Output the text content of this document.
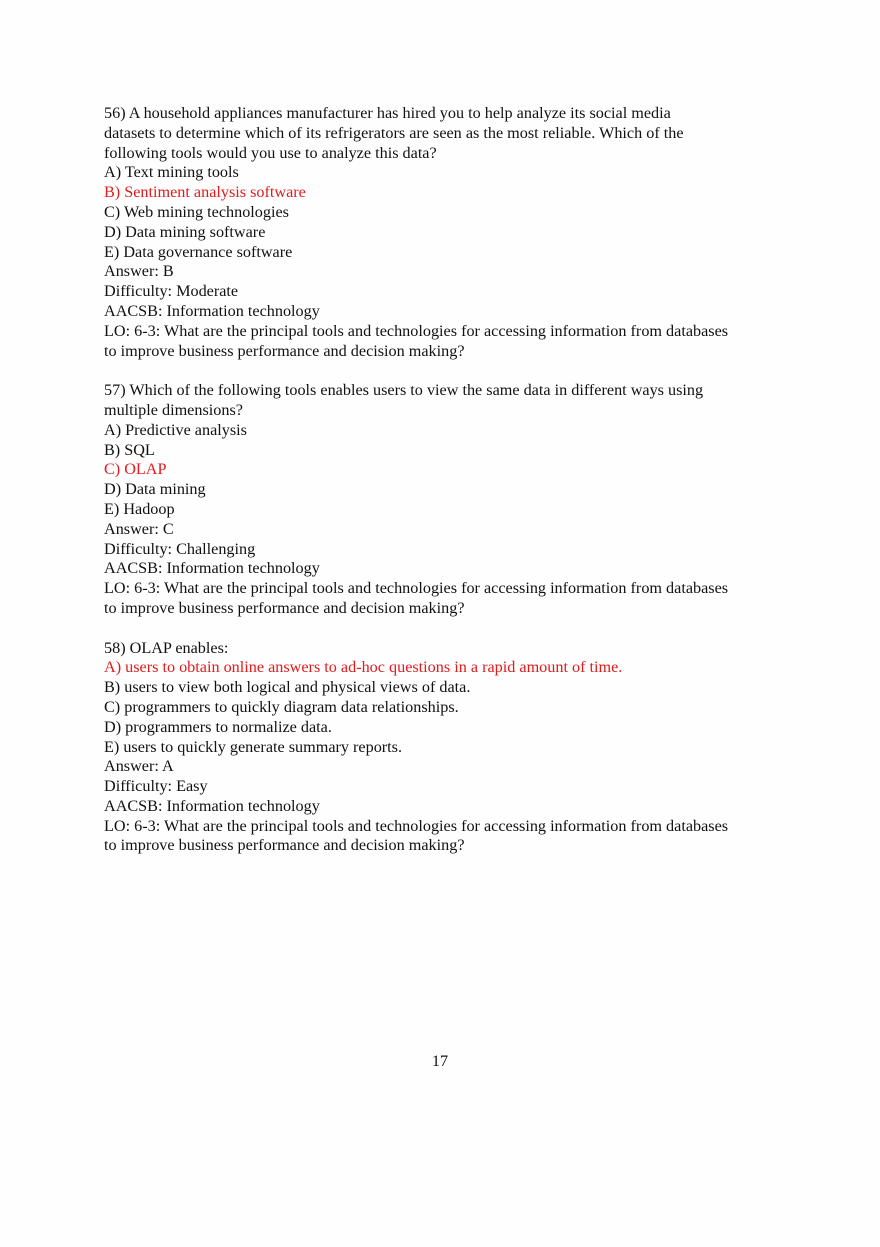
56) A household appliances manufacturer has hired you to help analyze its social media

datasets to determine which of its refrigerators are seen as the most reliable. Which of the

following tools would you use to analyze this data?

A) Text mining tools

B) Sentiment analysis software

C) Web mining technologies

D) Data mining software

E) Data governance software

Answer: B

Difficulty: Moderate

AACSB: Information technology

LO: 6-3: What are the principal tools and technologies for accessing information from databases

to improve business performance and decision making?

57) Which of the following tools enables users to view the same data in different ways using

multiple dimensions?

A) Predictive analysis

B) SQL

C) OLAP

D) Data mining

E) Hadoop

Answer: C

Difficulty: Challenging

AACSB: Information technology

LO: 6-3: What are the principal tools and technologies for accessing information from databases

to improve business performance and decision making?

58) OLAP enables:

A) users to obtain online answers to ad-hoc questions in a rapid amount of time.

B) users to view both logical and physical views of data.

C) programmers to quickly diagram data relationships.

D) programmers to normalize data.

E) users to quickly generate summary reports.

Answer: A

Difficulty: Easy

AACSB: Information technology

LO: 6-3: What are the principal tools and technologies for accessing information from databases

to improve business performance and decision making?

17
